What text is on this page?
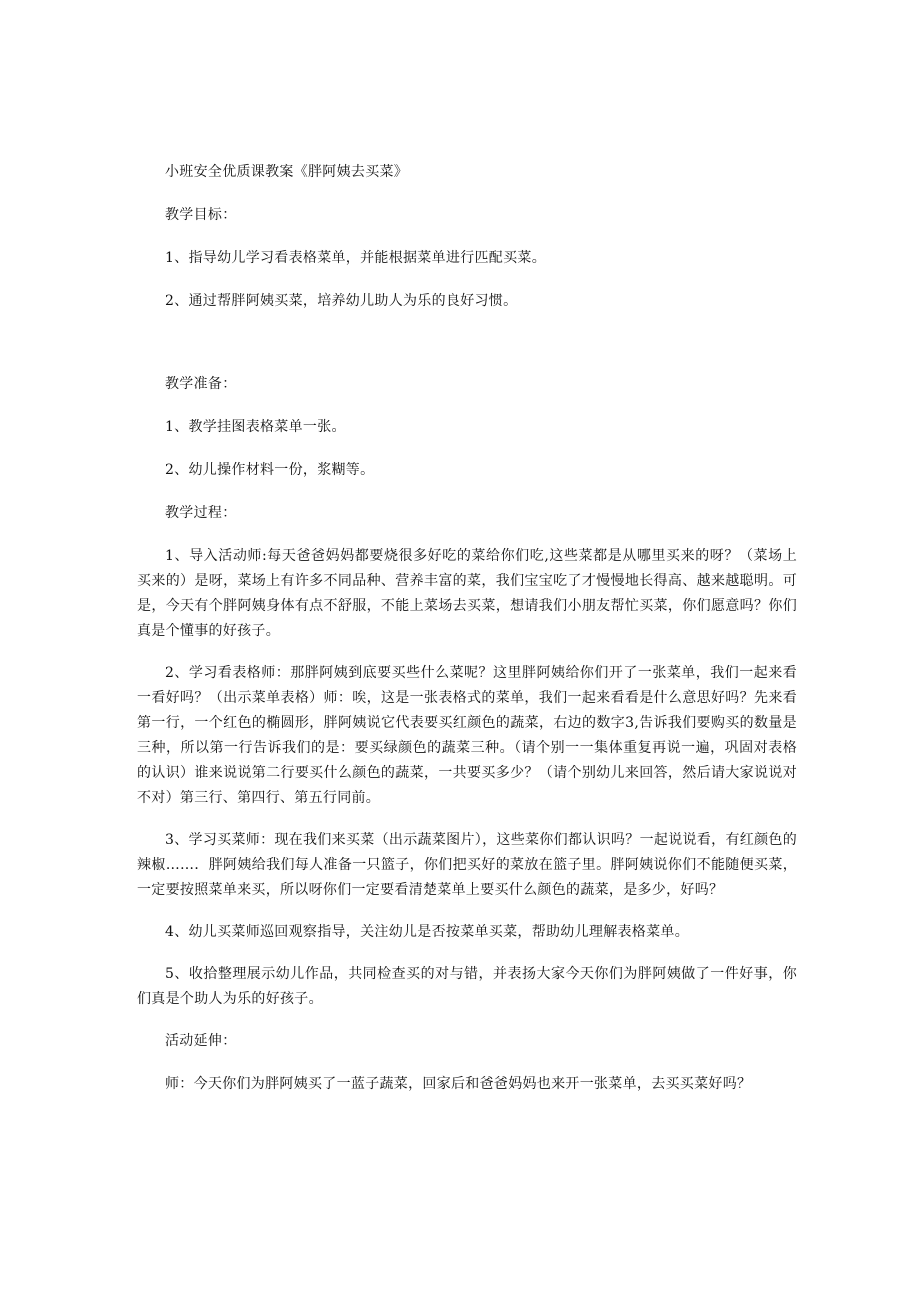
小班安全优质课教案《胖阿姨去买菜》

教学目标：

1、指导幼儿学习看表格菜单，并能根据菜单进行匹配买菜。

2、通过帮胖阿姨买菜，培养幼儿助人为乐的良好习惯。

教学准备：

1、教学挂图表格菜单一张。

2、幼儿操作材料一份，浆糊等。

教学过程：

1、导入活动师:每天爸爸妈妈都要烧很多好吃的菜给你们吃,这些菜都是从哪里买来的呀？（菜场上买来的）是呀，菜场上有许多不同品种、营养丰富的菜，我们宝宝吃了才慢慢地长得高、越来越聪明。可是，今天有个胖阿姨身体有点不舒服，不能上菜场去买菜，想请我们小朋友帮忙买菜，你们愿意吗？你们真是个懂事的好孩子。

2、学习看表格师：那胖阿姨到底要买些什么菜呢？这里胖阿姨给你们开了一张菜单，我们一起来看一看好吗？（出示菜单表格）师：唉，这是一张表格式的菜单，我们一起来看看是什么意思好吗？先来看第一行，一个红色的椭圆形，胖阿姨说它代表要买红颜色的蔬菜，右边的数字3,告诉我们要购买的数量是三种，所以第一行告诉我们的是：要买绿颜色的蔬菜三种。（请个别一一集体重复再说一遍，巩固对表格的认识）谁来说说第二行要买什么颜色的蔬菜，一共要买多少？（请个别幼儿来回答，然后请大家说说对不对）第三行、第四行、第五行同前。

3、学习买菜师：现在我们来买菜（出示蔬菜图片），这些菜你们都认识吗？一起说说看，有红颜色的辣椒……．胖阿姨给我们每人准备一只篮子，你们把买好的菜放在篮子里。胖阿姨说你们不能随便买菜，一定要按照菜单来买，所以呀你们一定要看清楚菜单上要买什么颜色的蔬菜，是多少，好吗？

4、幼儿买菜师巡回观察指导，关注幼儿是否按菜单买菜，帮助幼儿理解表格菜单。

5、收拾整理展示幼儿作品，共同检查买的对与错，并表扬大家今天你们为胖阿姨做了一件好事，你们真是个助人为乐的好孩子。

活动延伸：

师：今天你们为胖阿姨买了一蓝子蔬菜，回家后和爸爸妈妈也来开一张菜单，去买买菜好吗？
